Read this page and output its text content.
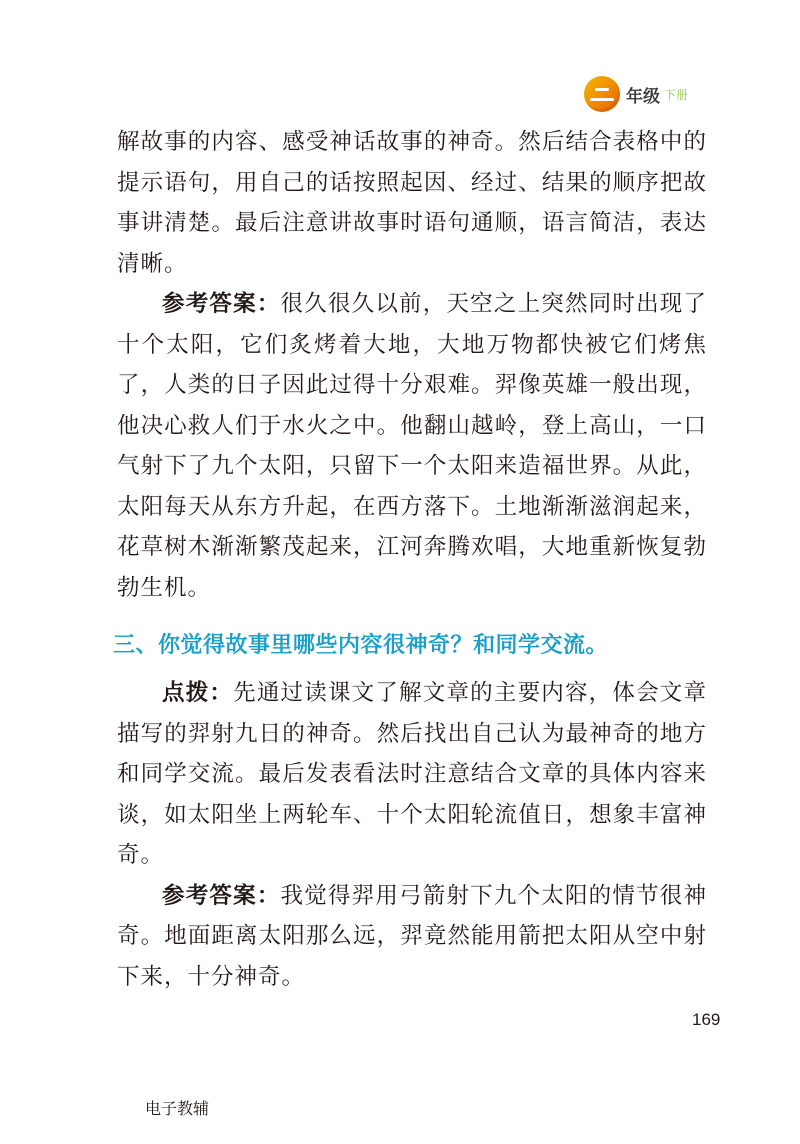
年级 下册

解故事的内容、感受神话故事的神奇。然后结合表格中的提示语句，用自己的话按照起因、经过、结果的顺序把故事讲清楚。最后注意讲故事时语句通顺，语言简洁，表达清晰。

参考答案：很久很久以前，天空之上突然同时出现了十个太阳，它们炙烤着大地，大地万物都快被它们烤焦了，人类的日子因此过得十分艰难。羿像英雄一般出现，他决心救人们于水火之中。他翻山越岭，登上高山，一口气射下了九个太阳，只留下一个太阳来造福世界。从此，太阳每天从东方升起，在西方落下。土地渐渐滋润起来，花草树木渐渐繁茂起来，江河奔腾欢唱，大地重新恢复勃勃生机。

三、你觉得故事里哪些内容很神奇？和同学交流。

点拨：先通过读课文了解文章的主要内容，体会文章描写的羿射九日的神奇。然后找出自己认为最神奇的地方和同学交流。最后发表看法时注意结合文章的具体内容来谈，如太阳坐上两轮车、十个太阳轮流值日，想象丰富神奇。

参考答案：我觉得羿用弓箭射下九个太阳的情节很神奇。地面距离太阳那么远，羿竟然能用箭把太阳从空中射下来，十分神奇。

169
电子教辅
